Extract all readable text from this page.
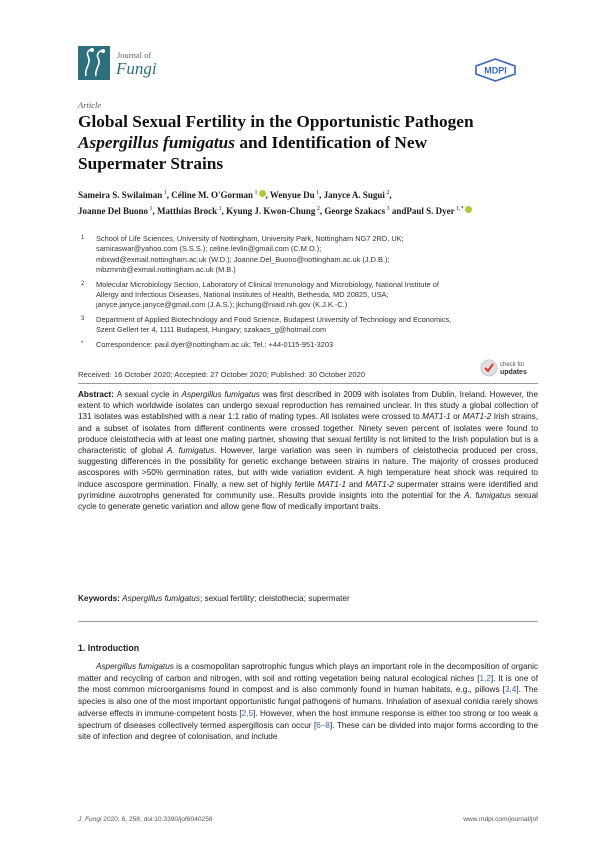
Journal of
Fungi	MDPI
Article
Global Sexual Fertility in the Opportunistic Pathogen
Aspergillus fumigatus and Identification of New
Supermater Strains
Sameira S. Swilaiman $^1$, Céline M. O'Gorman $^1$ , Wenyue Du $^1$, Janyce A. Sugui $^2$,
Joanne Del Buono $^1$, Matthias Brock $^1$, Kyung J. Kwon-Chung $^2$, George Szakacs $^3$ andPaul S. Dyer $^{1,*}$
1 School of Life Sciences, University of Nottingham, University Park, Nottingham NG7 2RD, UK;
samiraswar@yahoo.com (S.S.S.); celine.levlin@gmail.com (C.M.O.);
mbxwd@exmail.nottingham.ac.uk (W.D.); Joanne.Del_Buono@nottingham.ac.uk (J.D.B.);
mbzmmb@exmail.nottingham.ac.uk (M.B.)
2 Molecular Microbiology Section, Laboratory of Clinical Immunology and Microbiology, National Institute of
Allergy and Infectious Diseases, National Institutes of Health, Bethesda, MD 20825, USA;
janyce.janyce.janyce@gmail.com (J.A.S.); jkchung@niaid.nih.gov (K.J.K.-C.)
3 Department of Applied Biotechnology and Food Science, Budapest University of Technology and Economics,
Szent Gellert ter 4, 1111 Budapest, Hungary; szakacs_g@hotmail.com
* Correspondence: paul.dyer@nottingham.ac.uk; Tel.: +44-0115-951-3203
Received: 16 October 2020; Accepted: 27 October 2020; Published: 30 October 2020
check for
updates
Abstract: A sexual cycle in Aspergillus fumigatus was first described in 2009 with isolates from Dublin, Ireland. However, the extent to which worldwide isolates can undergo sexual reproduction has remained unclear. In this study a global collection of 131 isolates was established with a near 1:1 ratio of mating types. All isolates were crossed to MAT1-1 or MAT1-2 Irish strains, and a subset of isolates from different continents were crossed together. Ninety seven percent of isolates were found to produce cleistothecia with at least one mating partner, showing that sexual fertility is not limited to the Irish population but is a characteristic of global A. fumigatus. However, large variation was seen in numbers of cleistothecia produced per cross, suggesting differences in the possibility for genetic exchange between strains in nature. The majority of crosses produced ascospores with >50% germination rates, but with wide variation evident. A high temperature heat shock was required to induce ascospore germination. Finally, a new set of highly fertile MAT1-1 and MAT1-2 supermater strains were identified and pyrimidine auxotrophs generated for community use. Results provide insights into the potential for the A. fumigatus sexual cycle to generate genetic variation and allow gene flow of medically important traits.
Keywords: Aspergillus fumigatus; sexual fertility; cleistothecia; supermater
1. Introduction
Aspergillus fumigatus is a cosmopolitan saprotrophic fungus which plays an important role in the decomposition of organic matter and recycling of carbon and nitrogen, with soil and rotting vegetation being natural ecological niches [1,2]. It is one of the most common microorganisms found in compost and is also commonly found in human habitats, e.g., pillows [3,4]. The species is also one of the most important opportunistic fungal pathogens of humans. Inhalation of asexual conidia rarely shows adverse effects in immune-competent hosts [2,5]. However, when the host immune response is either too strong or too weak a spectrum of diseases collectively termed aspergillosis can occur [6–8]. These can be divided into major forms according to the site of infection and degree of colonisation, and include
J. Fungi 2020, 6, 258; doi:10.3390/jof6040258	www.mdpi.com/journal/jof
